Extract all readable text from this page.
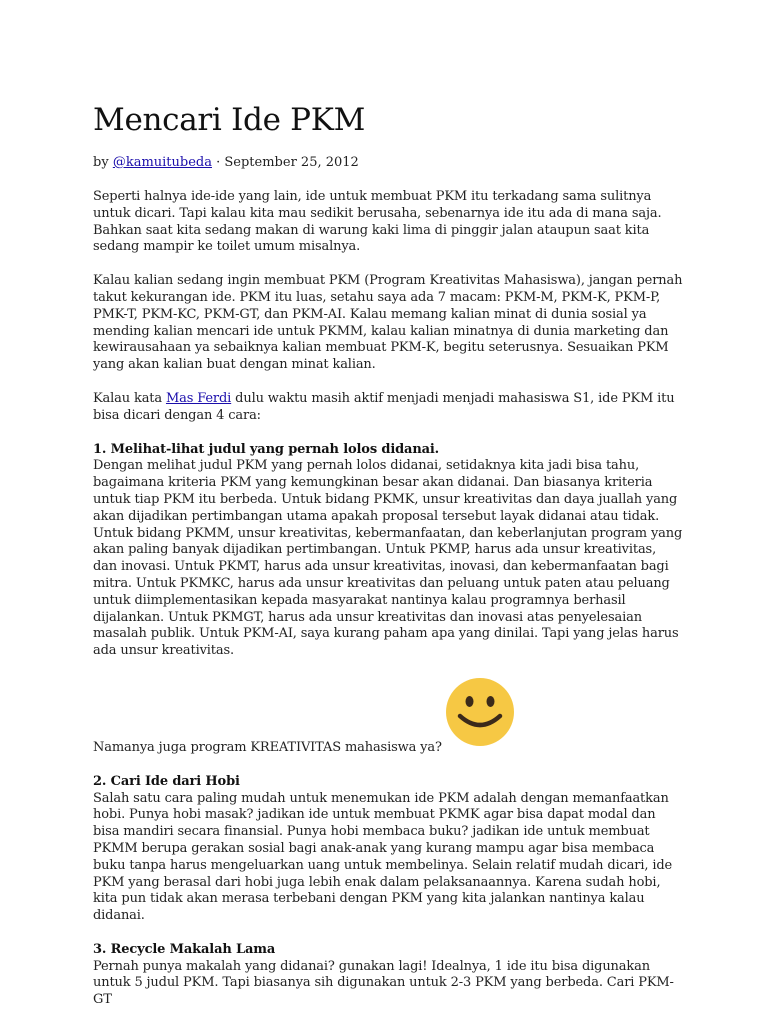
Mencari Ide PKM
by @kamuitubeda · September 25, 2012

Seperti halnya ide-ide yang lain, ide untuk membuat PKM itu terkadang sama sulitnya untuk dicari. Tapi kalau kita mau sedikit berusaha, sebenarnya ide itu ada di mana saja. Bahkan saat kita sedang makan di warung kaki lima di pinggir jalan ataupun saat kita sedang mampir ke toilet umum misalnya.

Kalau kalian sedang ingin membuat PKM (Program Kreativitas Mahasiswa), jangan pernah takut kekurangan ide. PKM itu luas, setahu saya ada 7 macam: PKM-M, PKM-K, PKM-P, PMK-T, PKM-KC, PKM-GT, dan PKM-AI. Kalau memang kalian minat di dunia sosial ya mending kalian mencari ide untuk PKMM, kalau kalian minatnya di dunia marketing dan kewirausahaan ya sebaiknya kalian membuat PKM-K, begitu seterusnya. Sesuaikan PKM yang akan kalian buat dengan minat kalian.

Kalau kata Mas Ferdi dulu waktu masih aktif menjadi menjadi mahasiswa S1, ide PKM itu bisa dicari dengan 4 cara:

1. Melihat-lihat judul yang pernah lolos didanai.
Dengan melihat judul PKM yang pernah lolos didanai, setidaknya kita jadi bisa tahu, bagaimana kriteria PKM yang kemungkinan besar akan didanai. Dan biasanya kriteria untuk tiap PKM itu berbeda. Untuk bidang PKMK, unsur kreativitas dan daya juallah yang akan dijadikan pertimbangan utama apakah proposal tersebut layak didanai atau tidak. Untuk bidang PKMM, unsur kreativitas, kebermanfaatan, dan keberlanjutan program yang akan paling banyak dijadikan pertimbangan. Untuk PKMP, harus ada unsur kreativitas, dan inovasi. Untuk PKMT, harus ada unsur kreativitas, inovasi, dan kebermanfaatan bagi mitra. Untuk PKMKC, harus ada unsur kreativitas dan peluang untuk paten atau peluang untuk diimplementasikan kepada masyarakat nantinya kalau programnya berhasil dijalankan. Untuk PKMGT, harus ada unsur kreativitas dan inovasi atas penyelesaian masalah publik. Untuk PKM-AI, saya kurang paham apa yang dinilai. Tapi yang jelas harus ada unsur kreativitas.

Namanya juga program KREATIVITAS mahasiswa ya?

2. Cari Ide dari Hobi
Salah satu cara paling mudah untuk menemukan ide PKM adalah dengan memanfaatkan hobi. Punya hobi masak? jadikan ide untuk membuat PKMK agar bisa dapat modal dan bisa mandiri secara finansial. Punya hobi membaca buku? jadikan ide untuk membuat PKMM berupa gerakan sosial bagi anak-anak yang kurang mampu agar bisa membaca buku tanpa harus mengeluarkan uang untuk membelinya. Selain relatif mudah dicari, ide PKM yang berasal dari hobi juga lebih enak dalam pelaksanaannya. Karena sudah hobi, kita pun tidak akan merasa terbebani dengan PKM yang kita jalankan nantinya kalau didanai.

3. Recycle Makalah Lama
Pernah punya makalah yang didanai? gunakan lagi! Idealnya, 1 ide itu bisa digunakan untuk 5 judul PKM. Tapi biasanya sih digunakan untuk 2-3 PKM yang berbeda. Cari PKM-GT
